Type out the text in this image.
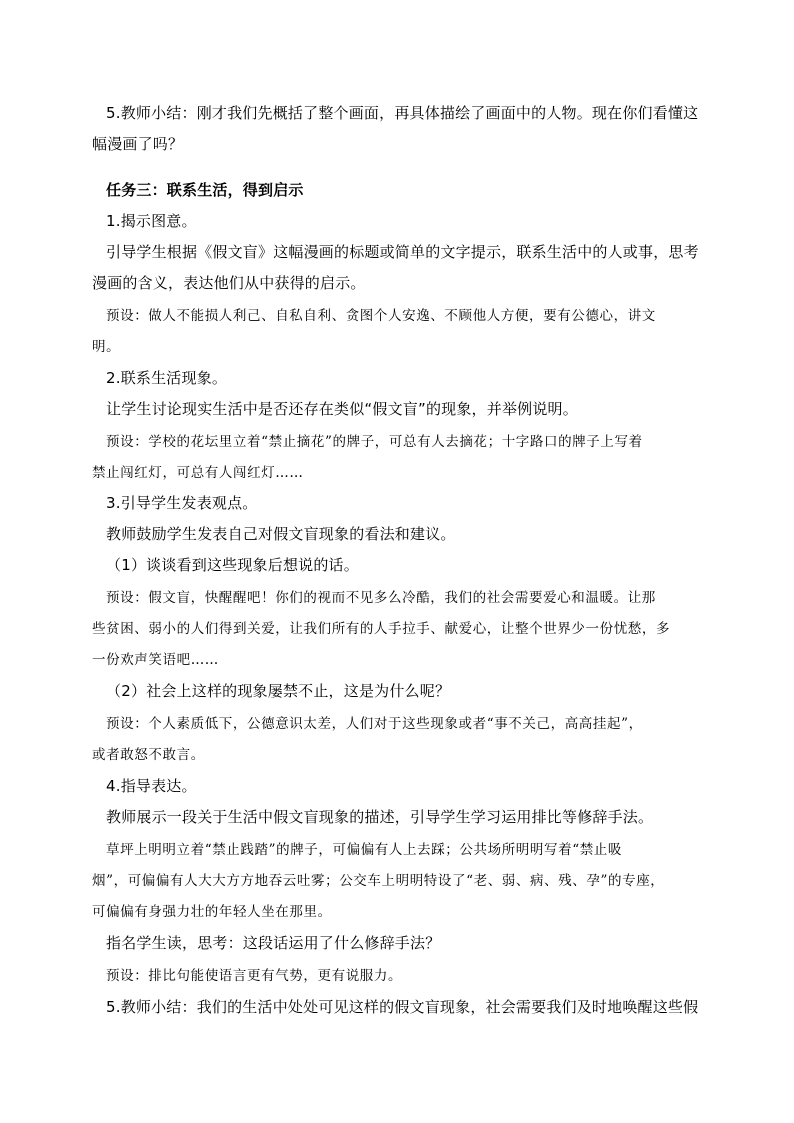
5.教师小结：刚才我们先概括了整个画面，再具体描绘了画面中的人物。现在你们看懂这
幅漫画了吗？
任务三：联系生活，得到启示
1.揭示图意。
引导学生根据《假文盲》这幅漫画的标题或简单的文字提示，联系生活中的人或事，思考
漫画的含义，表达他们从中获得的启示。
预设：做人不能损人利己、自私自利、贪图个人安逸、不顾他人方便，要有公德心，讲文
明。
2.联系生活现象。
让学生讨论现实生活中是否还存在类似“假文盲”的现象，并举例说明。
预设：学校的花坛里立着“禁止摘花”的牌子，可总有人去摘花；十字路口的牌子上写着
禁止闯红灯，可总有人闯红灯……
3.引导学生发表观点。
教师鼓励学生发表自己对假文盲现象的看法和建议。
（1）谈谈看到这些现象后想说的话。
预设：假文盲，快醒醒吧！你们的视而不见多么冷酷，我们的社会需要爱心和温暖。让那
些贫困、弱小的人们得到关爱，让我们所有的人手拉手、献爱心，让整个世界少一份忧愁，多
一份欢声笑语吧……
（2）社会上这样的现象屡禁不止，这是为什么呢？
预设：个人素质低下，公德意识太差，人们对于这些现象或者“事不关己，高高挂起”，
或者敢怒不敢言。
4.指导表达。
教师展示一段关于生活中假文盲现象的描述，引导学生学习运用排比等修辞手法。
草坪上明明立着“禁止践踏”的牌子，可偏偏有人上去踩；公共场所明明写着“禁止吸
烟”，可偏偏有人大大方方地吞云吐雾；公交车上明明特设了“老、弱、病、残、孕”的专座，
可偏偏有身强力壮的年轻人坐在那里。
指名学生读，思考：这段话运用了什么修辞手法？
预设：排比句能使语言更有气势，更有说服力。
5.教师小结：我们的生活中处处可见这样的假文盲现象，社会需要我们及时地唤醒这些假
